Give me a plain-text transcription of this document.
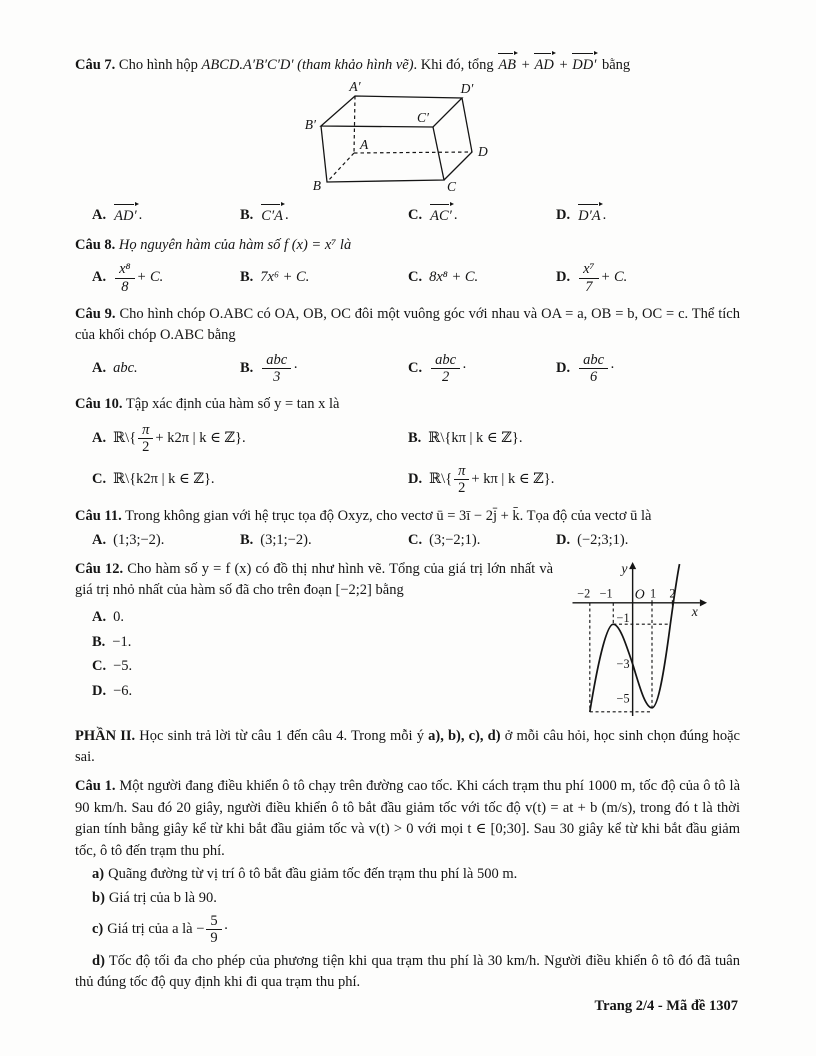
Câu 7. Cho hình hộp ABCD.A′B′C′D′ (tham khảo hình vẽ). Khi đó, tổng AB + AD + DD′ bằng

A′	D′
B′	C′
A	D
B	C
A. AD′ .	B. C′A .	C. AC′ .	D. D′A .

Câu 8. Họ nguyên hàm của hàm số f (x) = x⁷ là

A. $\frac{\text{x⁸}}{8} + C$.	B. 7x⁶ + C.	C. 8x⁸ + C.	D. $\frac{\text{x⁷}}{7} + C$.

Câu 9. Cho hình chóp O.ABC có OA, OB, OC đôi một vuông góc với nhau và OA = a, OB = b, OC = c. Thể tích của khối chóp O.ABC bằng

A. abc.	B. $\frac{\text{abc}}{3}$ ·	C. $\frac{\text{abc}}{2}$ ·	D. $\frac{\text{abc}}{6}$ ·

Câu 10. Tập xác định của hàm số y = tan x là

A. ℝ\{ $\frac{\pi}{2} + k2\pi$ | k ∈ ℤ}.	B. ℝ\{kπ | k ∈ ℤ}.
C. ℝ\{k2π | k ∈ ℤ}.	D. ℝ\{ $\frac{\pi}{2} + k\pi$ | k ∈ ℤ}.

Câu 11. Trong không gian với hệ trục tọa độ Oxyz, cho vectơ ū = 3ī − 2j̄ + k̄. Tọa độ của vectơ ū là

A. (1;3;−2).	B. (3;1;−2).	C. (3;−2;1).	D. (−2;3;1).

Câu 12. Cho hàm số y = f (x) có đồ thị như hình vẽ. Tổng của giá trị lớn nhất và giá trị nhỏ nhất của hàm số đã cho trên đoạn [−2;2] bằng

A. 0.
B. −1.
C. −5.
D. −6.
y
x
O
−2 −1	1 2
−1
−3
−5

PHẦN II. Học sinh trả lời từ câu 1 đến câu 4. Trong mỗi ý a), b), c), d) ở mỗi câu hỏi, học sinh chọn đúng hoặc sai.

Câu 1. Một người đang điều khiển ô tô chạy trên đường cao tốc. Khi cách trạm thu phí 1000 m, tốc độ của ô tô là 90 km/h. Sau đó 20 giây, người điều khiển ô tô bắt đầu giảm tốc với tốc độ v(t) = at + b (m/s), trong đó t là thời gian tính bằng giây kể từ khi bắt đầu giảm tốc và v(t) > 0 với mọi t ∈ [0;30]. Sau 30 giây kể từ khi bắt đầu giảm tốc, ô tô đến trạm thu phí.

a) Quãng đường từ vị trí ô tô bắt đầu giảm tốc đến trạm thu phí là 500 m.

b) Giá trị của b là 90.

c) Giá trị của a là − $\frac{5}{9}$ ·

d) Tốc độ tối đa cho phép của phương tiện khi qua trạm thu phí là 30 km/h. Người điều khiển ô tô đó đã tuân thủ đúng tốc độ quy định khi đi qua trạm thu phí.

Trang 2/4 - Mã đề 1307
